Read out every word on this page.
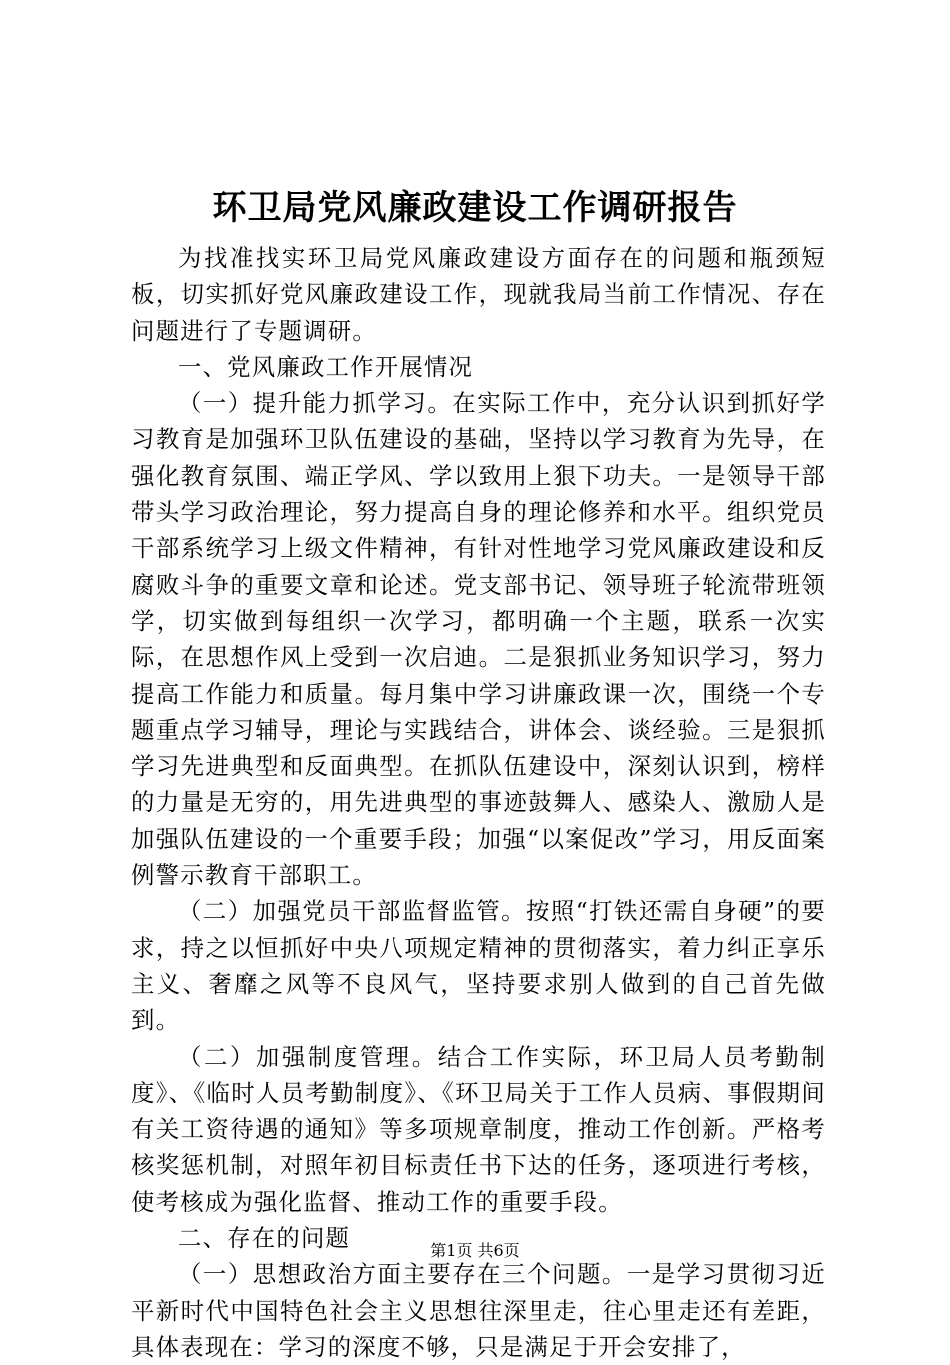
环卫局党风廉政建设工作调研报告

为找准找实环卫局党风廉政建设方面存在的问题和瓶颈短板，切实抓好党风廉政建设工作，现就我局当前工作情况、存在问题进行了专题调研。

一、党风廉政工作开展情况

（一）提升能力抓学习。在实际工作中，充分认识到抓好学习教育是加强环卫队伍建设的基础，坚持以学习教育为先导，在强化教育氛围、端正学风、学以致用上狠下功夫。一是领导干部带头学习政治理论，努力提高自身的理论修养和水平。组织党员干部系统学习上级文件精神，有针对性地学习党风廉政建设和反腐败斗争的重要文章和论述。党支部书记、领导班子轮流带班领学，切实做到每组织一次学习，都明确一个主题，联系一次实际，在思想作风上受到一次启迪。二是狠抓业务知识学习，努力提高工作能力和质量。每月集中学习讲廉政课一次，围绕一个专题重点学习辅导，理论与实践结合，讲体会、谈经验。三是狠抓学习先进典型和反面典型。在抓队伍建设中，深刻认识到，榜样的力量是无穷的，用先进典型的事迹鼓舞人、感染人、激励人是加强队伍建设的一个重要手段；加强“以案促改”学习，用反面案例警示教育干部职工。

（二）加强党员干部监督监管。按照“打铁还需自身硬”的要求，持之以恒抓好中央八项规定精神的贯彻落实，着力纠正享乐主义、奢靡之风等不良风气，坚持要求别人做到的自己首先做到。

（二）加强制度管理。结合工作实际，环卫局人员考勤制度》、《临时人员考勤制度》、《环卫局关于工作人员病、事假期间有关工资待遇的通知》等多项规章制度，推动工作创新。严格考核奖惩机制，对照年初目标责任书下达的任务，逐项进行考核，使考核成为强化监督、推动工作的重要手段。

二、存在的问题

（一）思想政治方面主要存在三个问题。一是学习贯彻习近平新时代中国特色社会主义思想往深里走，往心里走还有差距，具体表现在：学习的深度不够，只是满足于开会安排了，

第1页 共6页
